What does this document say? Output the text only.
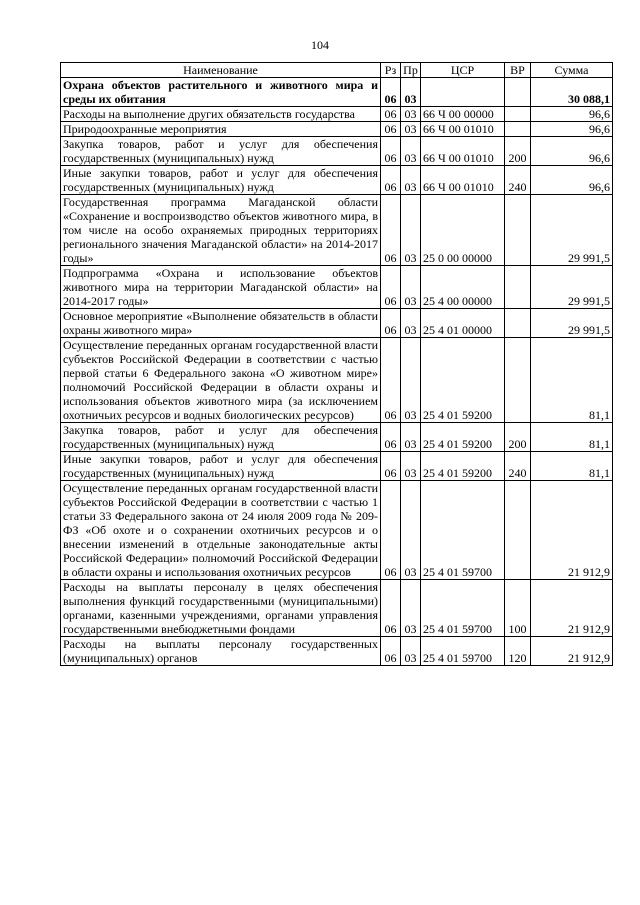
104
Наименование	Рз	Пр	ЦСР	ВР	Сумма
Охрана объектов растительного и животного мира и среды их обитания	06	03			30 088,1
Расходы на выполнение других обязательств государства	06	03	66 Ч 00 00000		96,6
Природоохранные мероприятия	06	03	66 Ч 00 01010		96,6
Закупка товаров, работ и услуг для обеспечения государственных (муниципальных) нужд	06	03	66 Ч 00 01010	200	96,6
Иные закупки товаров, работ и услуг для обеспечения государственных (муниципальных) нужд	06	03	66 Ч 00 01010	240	96,6
Государственная программа Магаданской области «Сохранение и воспроизводство объектов животного мира, в том числе на особо охраняемых природных территориях регионального значения Магаданской области» на 2014-2017 годы»	06	03	25 0 00 00000		29 991,5
Подпрограмма «Охрана и использование объектов животного мира на территории Магаданской области» на 2014-2017 годы»	06	03	25 4 00 00000		29 991,5
Основное мероприятие «Выполнение обязательств в области охраны животного мира»	06	03	25 4 01 00000		29 991,5
Осуществление переданных органам государственной власти субъектов Российской Федерации в соответствии с частью первой статьи 6 Федерального закона «О животном мире» полномочий Российской Федерации в области охраны и использования объектов животного мира (за исключением охотничьих ресурсов и водных биологических ресурсов)	06	03	25 4 01 59200		81,1
Закупка товаров, работ и услуг для обеспечения государственных (муниципальных) нужд	06	03	25 4 01 59200	200	81,1
Иные закупки товаров, работ и услуг для обеспечения государственных (муниципальных) нужд	06	03	25 4 01 59200	240	81,1
Осуществление переданных органам государственной власти субъектов Российской Федерации в соответствии с частью 1 статьи 33 Федерального закона от 24 июля 2009 года № 209-ФЗ «Об охоте и о сохранении охотничьих ресурсов и о внесении изменений в отдельные законодательные акты Российской Федерации» полномочий Российской Федерации в области охраны и использования охотничьих ресурсов	06	03	25 4 01 59700		21 912,9
Расходы на выплаты персоналу в целях обеспечения выполнения функций государственными (муниципальными) органами, казенными учреждениями, органами управления государственными внебюджетными фондами	06	03	25 4 01 59700	100	21 912,9
Расходы на выплаты персоналу государственных (муниципальных) органов	06	03	25 4 01 59700	120	21 912,9
